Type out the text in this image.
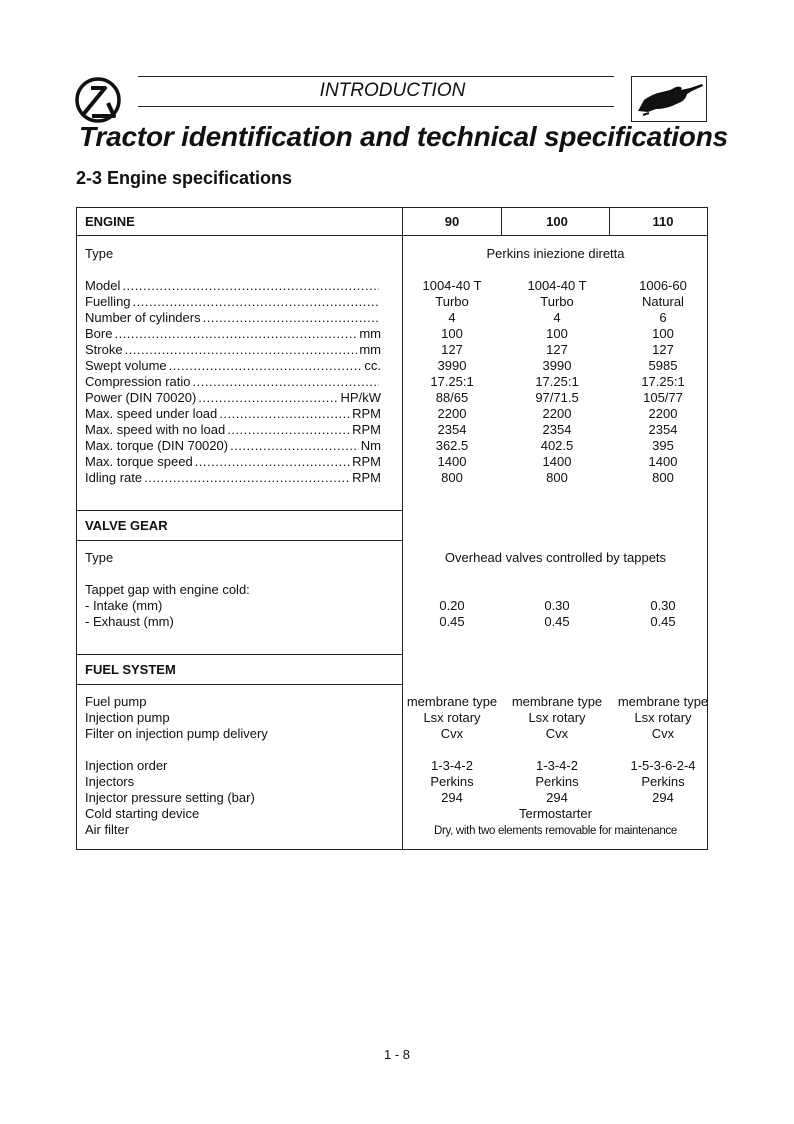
INTRODUCTION
Tractor identification and technical specifications
2-3 Engine specifications
ENGINE	90	100	110
Type	Perkins iniezione diretta
Model .....	1004-40 T	1004-40 T	1006-60
Fuelling .....	Turbo	Turbo	Natural
Number of cylinders .....	4	4	6
Bore .....	mm	100	100	100
Stroke .....	mm	127	127	127
Swept volume .....	cc.	3990	3990	5985
Compression ratio .....	17.25:1	17.25:1	17.25:1
Power (DIN 70020) .....	HP/kW	88/65	97/71.5	105/77
Max. speed under load .....	RPM	2200	2200	2200
Max. speed with no load .....	RPM	2354	2354	2354
Max. torque (DIN 70020) .....	Nm	362.5	402.5	395
Max. torque speed .....	RPM	1400	1400	1400
Idling rate .....	RPM	800	800	800
VALVE GEAR
Type	Overhead valves controlled by tappets
Tappet gap with engine cold:
- Intake (mm)	0.20	0.30	0.30
- Exhaust (mm)	0.45	0.45	0.45
FUEL SYSTEM
Fuel pump	membrane type	membrane type	membrane type
Injection pump	Lsx rotary	Lsx rotary	Lsx rotary
Filter on injection pump delivery	Cvx	Cvx	Cvx
Injection order	1-3-4-2	1-3-4-2	1-5-3-6-2-4
Injectors	Perkins	Perkins	Perkins
Injector pressure setting (bar)	294	294	294
Cold starting device	Termostarter
Air filter	Dry, with two elements removable for maintenance
1 - 8
